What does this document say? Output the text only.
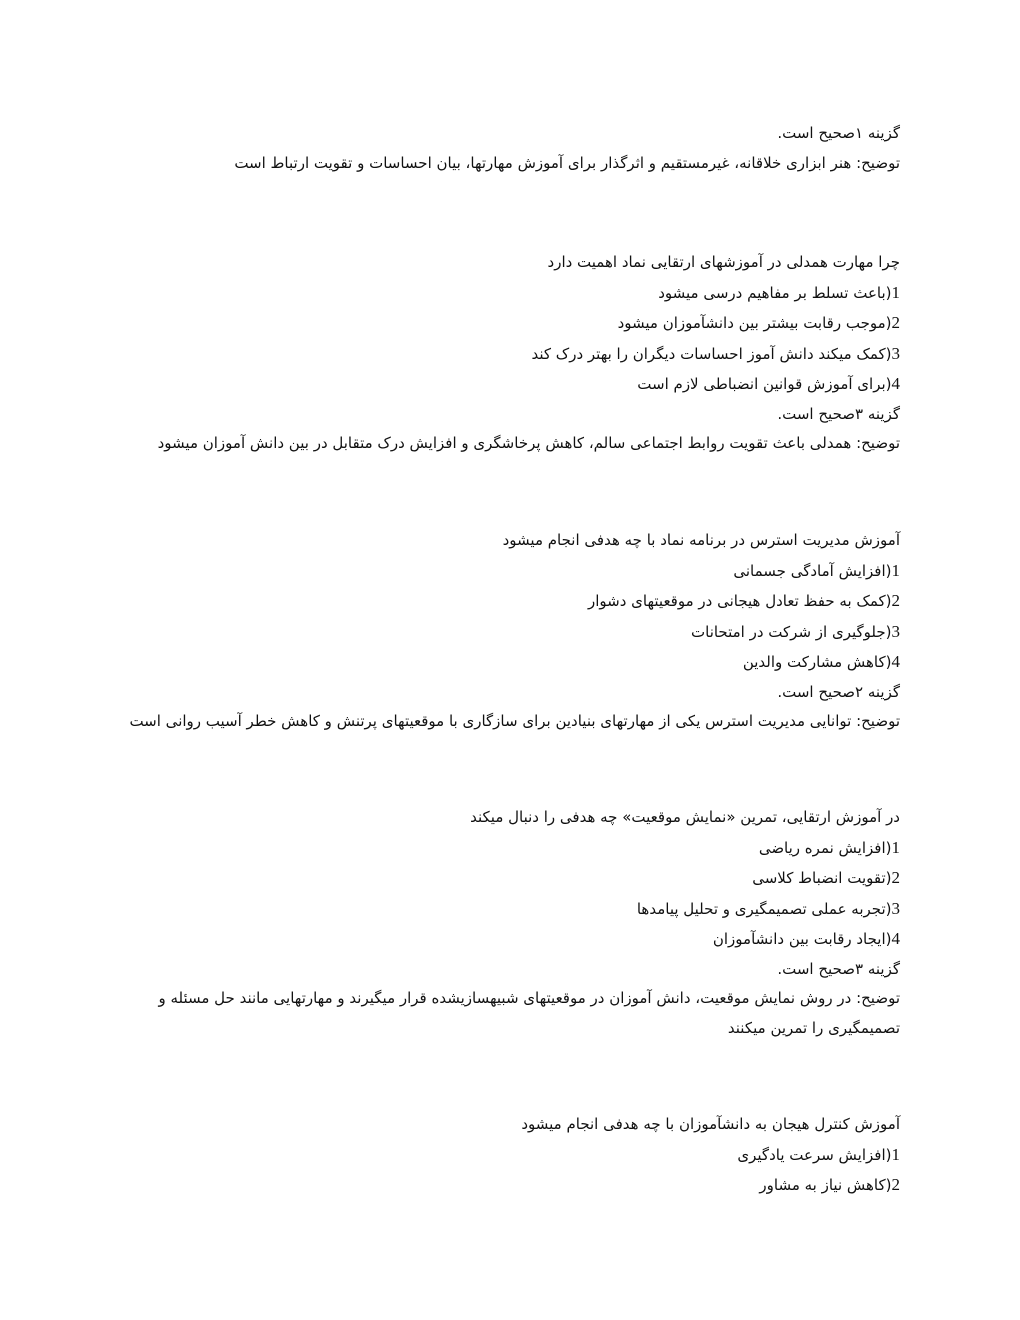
گزینه ۱صحیح است.
توضیح: هنر ابزاری خلاقانه، غیرمستقیم و اثرگذار برای آموزش مهارتها، بیان احساسات و تقویت ارتباط است
چرا مهارت همدلی در آموزشهای ارتقایی نماد اهمیت دارد
1(باعث تسلط بر مفاهیم درسی میشود
2(موجب رقابت بیشتر بین دانشآموزان میشود
3(کمک میکند دانش آموز احساسات دیگران را بهتر درک کند
4(برای آموزش قوانین انضباطی لازم است
گزینه ۳صحیح است.
توضیح: همدلی باعث تقویت روابط اجتماعی سالم، کاهش پرخاشگری و افزایش درک متقابل در بین دانش آموزان میشود
آموزش مدیریت استرس در برنامه نماد با چه هدفی انجام میشود
1(افزایش آمادگی جسمانی
2(کمک به حفظ تعادل هیجانی در موقعیتهای دشوار
3(جلوگیری از شرکت در امتحانات
4(کاهش مشارکت والدین
گزینه ۲صحیح است.
توضیح: توانایی مدیریت استرس یکی از مهارتهای بنیادین برای سازگاری با موقعیتهای پرتنش و کاهش خطر آسیب روانی است
در آموزش ارتقایی، تمرین «نمایش موقعیت» چه هدفی را دنبال میکند
1(افزایش نمره ریاضی
2(تقویت انضباط کلاسی
3(تجربه عملی تصمیمگیری و تحلیل پیامدها
4(ایجاد رقابت بین دانشآموزان
گزینه ۳صحیح است.
توضیح: در روش نمایش موقعیت، دانش آموزان در موقعیتهای شبیهسازیشده قرار میگیرند و مهارتهایی مانند حل مسئله و
تصمیمگیری را تمرین میکنند
آموزش کنترل هیجان به دانشآموزان با چه هدفی انجام میشود
1(افزایش سرعت یادگیری
2(کاهش نیاز به مشاور
